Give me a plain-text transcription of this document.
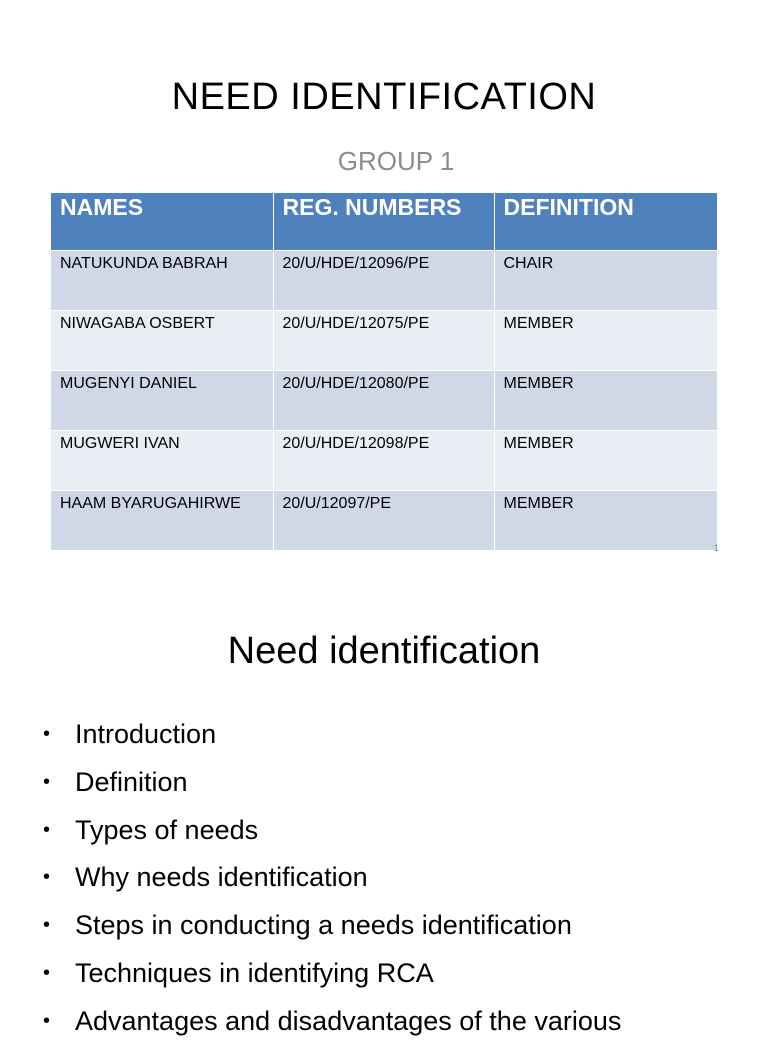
NEED IDENTIFICATION
GROUP 1
NAMES	REG. NUMBERS	DEFINITION
NATUKUNDA BABRAH	20/U/HDE/12096/PE	CHAIR
NIWAGABA OSBERT	20/U/HDE/12075/PE	MEMBER
MUGENYI DANIEL	20/U/HDE/12080/PE	MEMBER
MUGWERI IVAN	20/U/HDE/12098/PE	MEMBER
HAAM BYARUGAHIRWE	20/U/12097/PE	MEMBER
1
Need identification
• Introduction
• Definition
• Types of needs
• Why needs identification
• Steps in conducting a needs identification
• Techniques in identifying RCA
• Advantages and disadvantages of the various
